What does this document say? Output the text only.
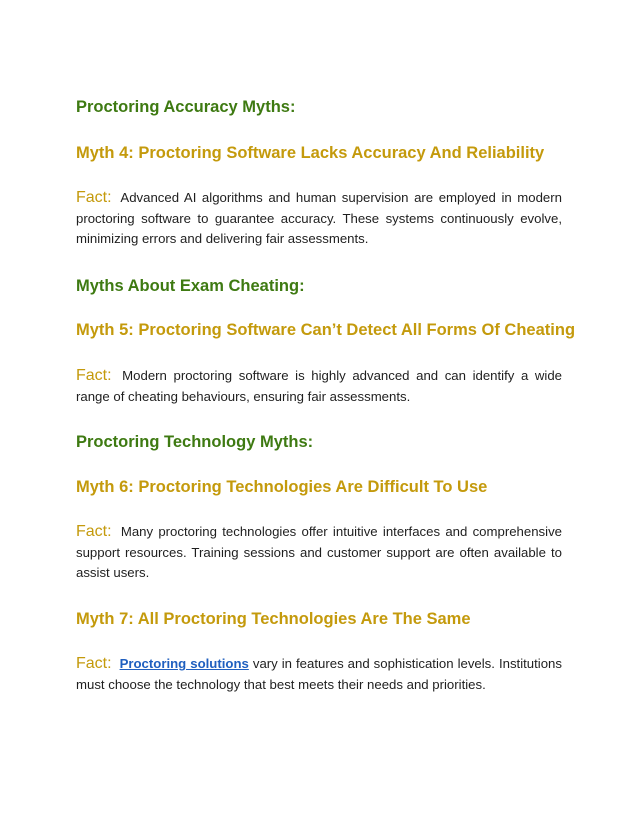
Proctoring Accuracy Myths:
Myth 4: Proctoring Software Lacks Accuracy And Reliability
Fact: Advanced AI algorithms and human supervision are employed in modern proctoring software to guarantee accuracy. These systems continuously evolve, minimizing errors and delivering fair assessments.
Myths About Exam Cheating:
Myth 5: Proctoring Software Can’t Detect All Forms Of Cheating
Fact: Modern proctoring software is highly advanced and can identify a wide range of cheating behaviours, ensuring fair assessments.
Proctoring Technology Myths:
Myth 6: Proctoring Technologies Are Difficult To Use
Fact: Many proctoring technologies offer intuitive interfaces and comprehensive support resources. Training sessions and customer support are often available to assist users.
Myth 7: All Proctoring Technologies Are The Same
Fact: Proctoring solutions vary in features and sophistication levels. Institutions must choose the technology that best meets their needs and priorities.
